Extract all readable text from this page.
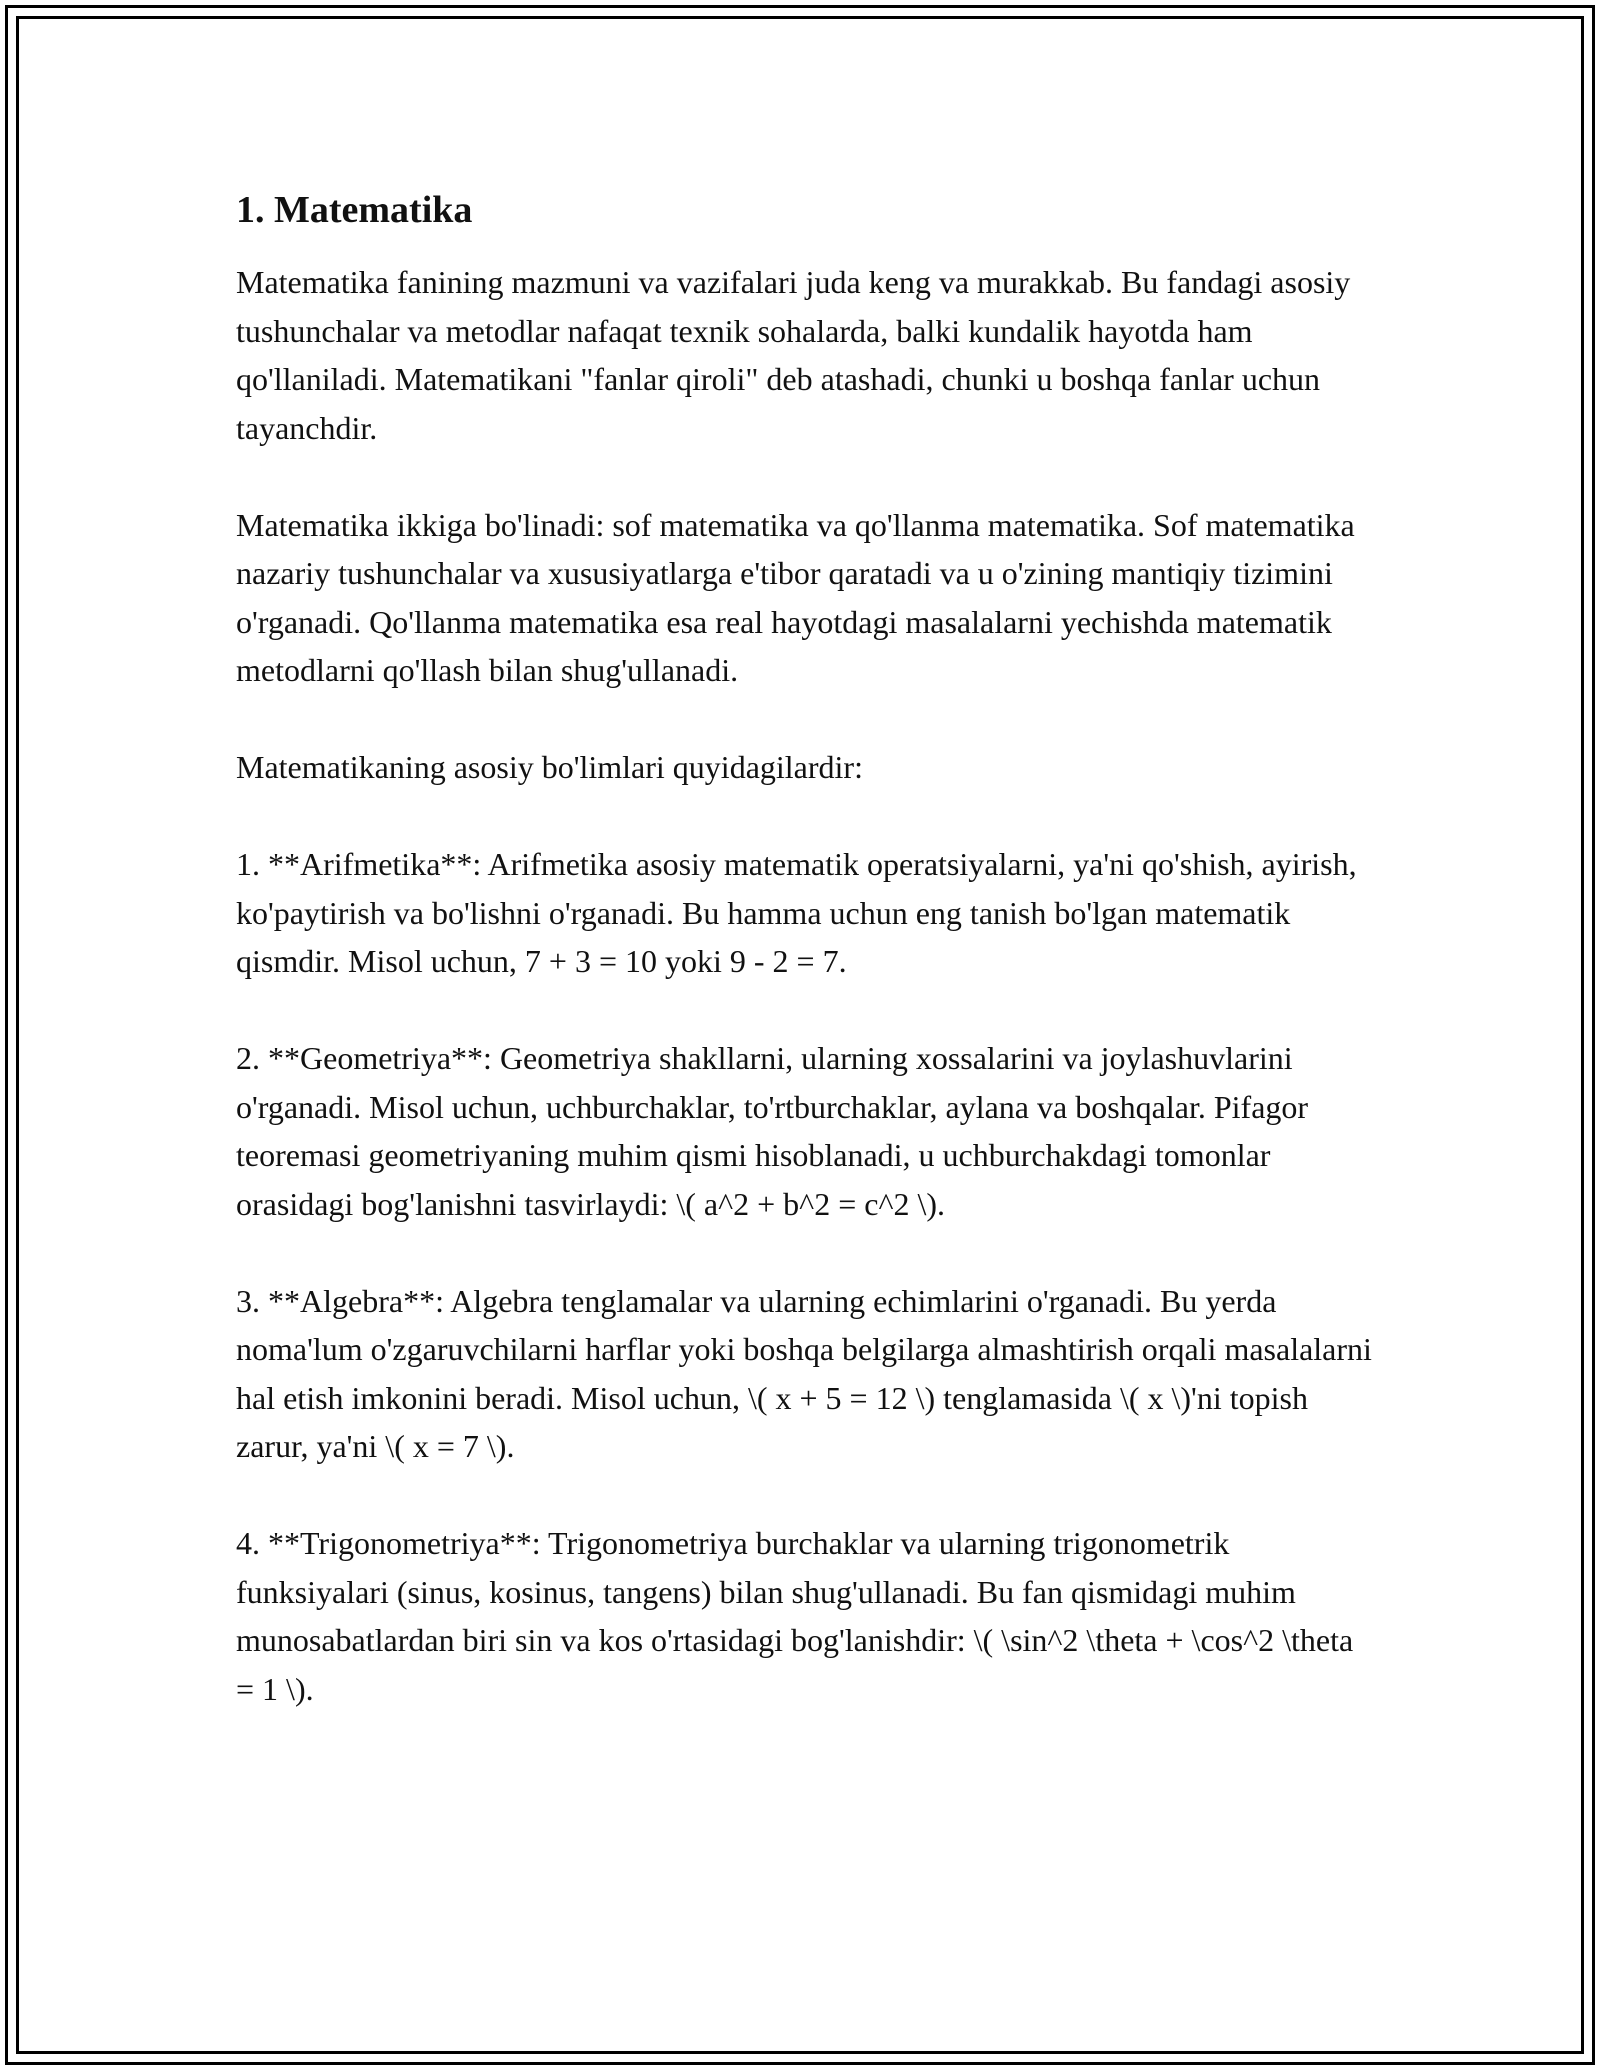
1. Matematika

Matematika fanining mazmuni va vazifalari juda keng va murakkab. Bu fandagi asosiy tushunchalar va metodlar nafaqat texnik sohalarda, balki kundalik hayotda ham qo'llaniladi. Matematikani "fanlar qiroli" deb atashadi, chunki u boshqa fanlar uchun tayanchdir.

Matematika ikkiga bo'linadi: sof matematika va qo'llanma matematika. Sof matematika nazariy tushunchalar va xususiyatlarga e'tibor qaratadi va u o'zining mantiqiy tizimini o'rganadi. Qo'llanma matematika esa real hayotdagi masalalarni yechishda matematik metodlarni qo'llash bilan shug'ullanadi.

Matematikaning asosiy bo'limlari quyidagilardir:

1. **Arifmetika**: Arifmetika asosiy matematik operatsiyalarni, ya'ni qo'shish, ayirish, ko'paytirish va bo'lishni o'rganadi. Bu hamma uchun eng tanish bo'lgan matematik qismdir. Misol uchun, 7 + 3 = 10 yoki 9 - 2 = 7.

2. **Geometriya**: Geometriya shakllarni, ularning xossalarini va joylashuvlarini o'rganadi. Misol uchun, uchburchaklar, to'rtburchaklar, aylana va boshqalar. Pifagor teoremasi geometriyaning muhim qismi hisoblanadi, u uchburchakdagi tomonlar orasidagi bog'lanishni tasvirlaydi: \( a^2 + b^2 = c^2 \).

3. **Algebra**: Algebra tenglamalar va ularning echimlarini o'rganadi. Bu yerda noma'lum o'zgaruvchilarni harflar yoki boshqa belgilarga almashtirish orqali masalalarni hal etish imkonini beradi. Misol uchun, \( x + 5 = 12 \) tenglamasida \( x \)'ni topish zarur, ya'ni \( x = 7 \).

4. **Trigonometriya**: Trigonometriya burchaklar va ularning trigonometrik funksiyalari (sinus, kosinus, tangens) bilan shug'ullanadi. Bu fan qismidagi muhim munosabatlardan biri sin va kos o'rtasidagi bog'lanishdir: \( \sin^2 \theta + \cos^2 \theta = 1 \).
